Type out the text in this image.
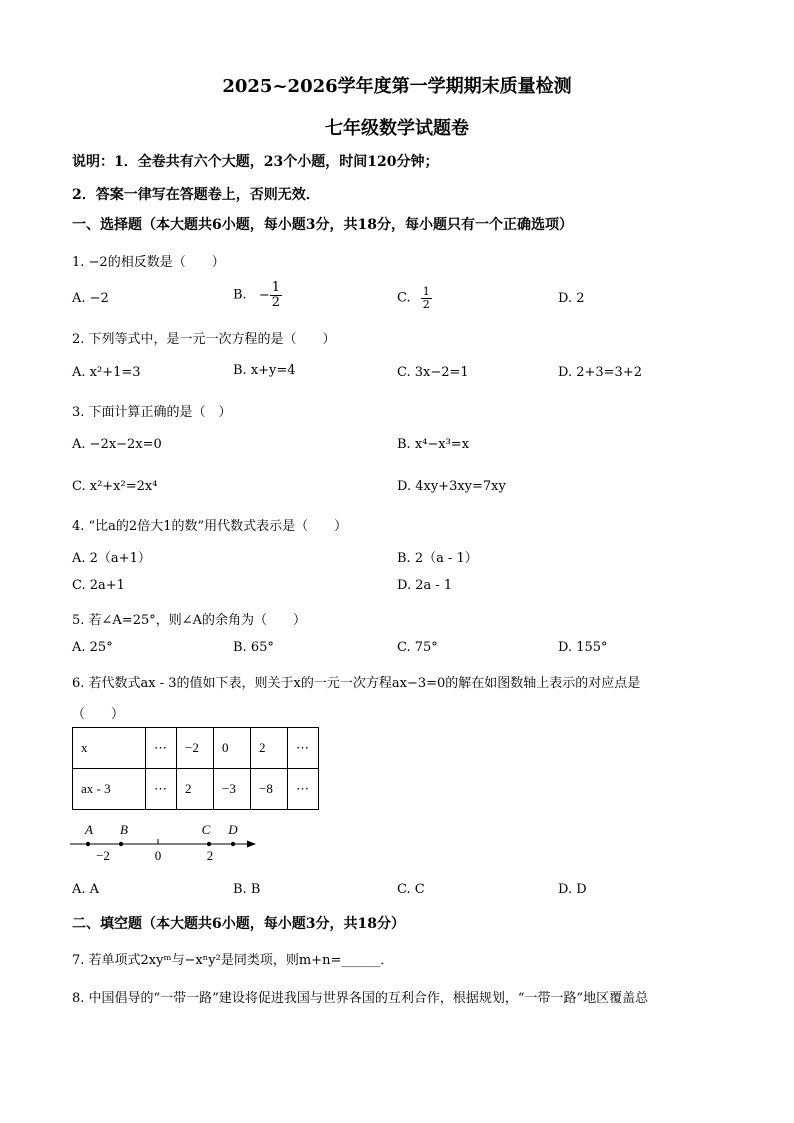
2025~2026学年度第一学期期末质量检测
七年级数学试题卷
说明：1．全卷共有六个大题，23个小题，时间120分钟；
2．答案一律写在答题卷上，否则无效．
一、选择题（本大题共6小题，每小题3分，共18分，每小题只有一个正确选项）
1. −2的相反数是（　　）
A. −2	B. − $\frac{1}{2}$	C. $\frac{1}{2}$	D. 2
2. 下列等式中，是一元一次方程的是（　　）
A. x²+1=3	B. x+y=4	C. 3x−2=1	D. 2+3=3+2
3. 下面计算正确的是（　）
A. −2x−2x=0	B. x⁴−x³=x
C. x²+x²=2x⁴	D. 4xy+3xy=7xy
4. “比a的2倍大1的数”用代数式表示是（　　）
A. 2（a+1）	B. 2（a - 1）
C. 2a+1	D. 2a - 1
5. 若∠A=25°，则∠A的余角为（　　）
A. 25°	B. 65°	C. 75°	D. 155°
6. 若代数式ax - 3的值如下表，则关于x的一元一次方程ax−3=0的解在如图数轴上表示的对应点是
（　　）
x	⋯	−2	0	2	⋯
ax - 3	⋯	2	−3	−8	⋯
A B	C D
−2	0	2
A. A	B. B	C. C	D. D
二、填空题（本大题共6小题，每小题3分，共18分）
7. 若单项式2xyᵐ与−xⁿy²是同类项，则m+n=______．
8. 中国倡导的“一带一路”建设将促进我国与世界各国的互利合作，根据规划，“一带一路”地区覆盖总
